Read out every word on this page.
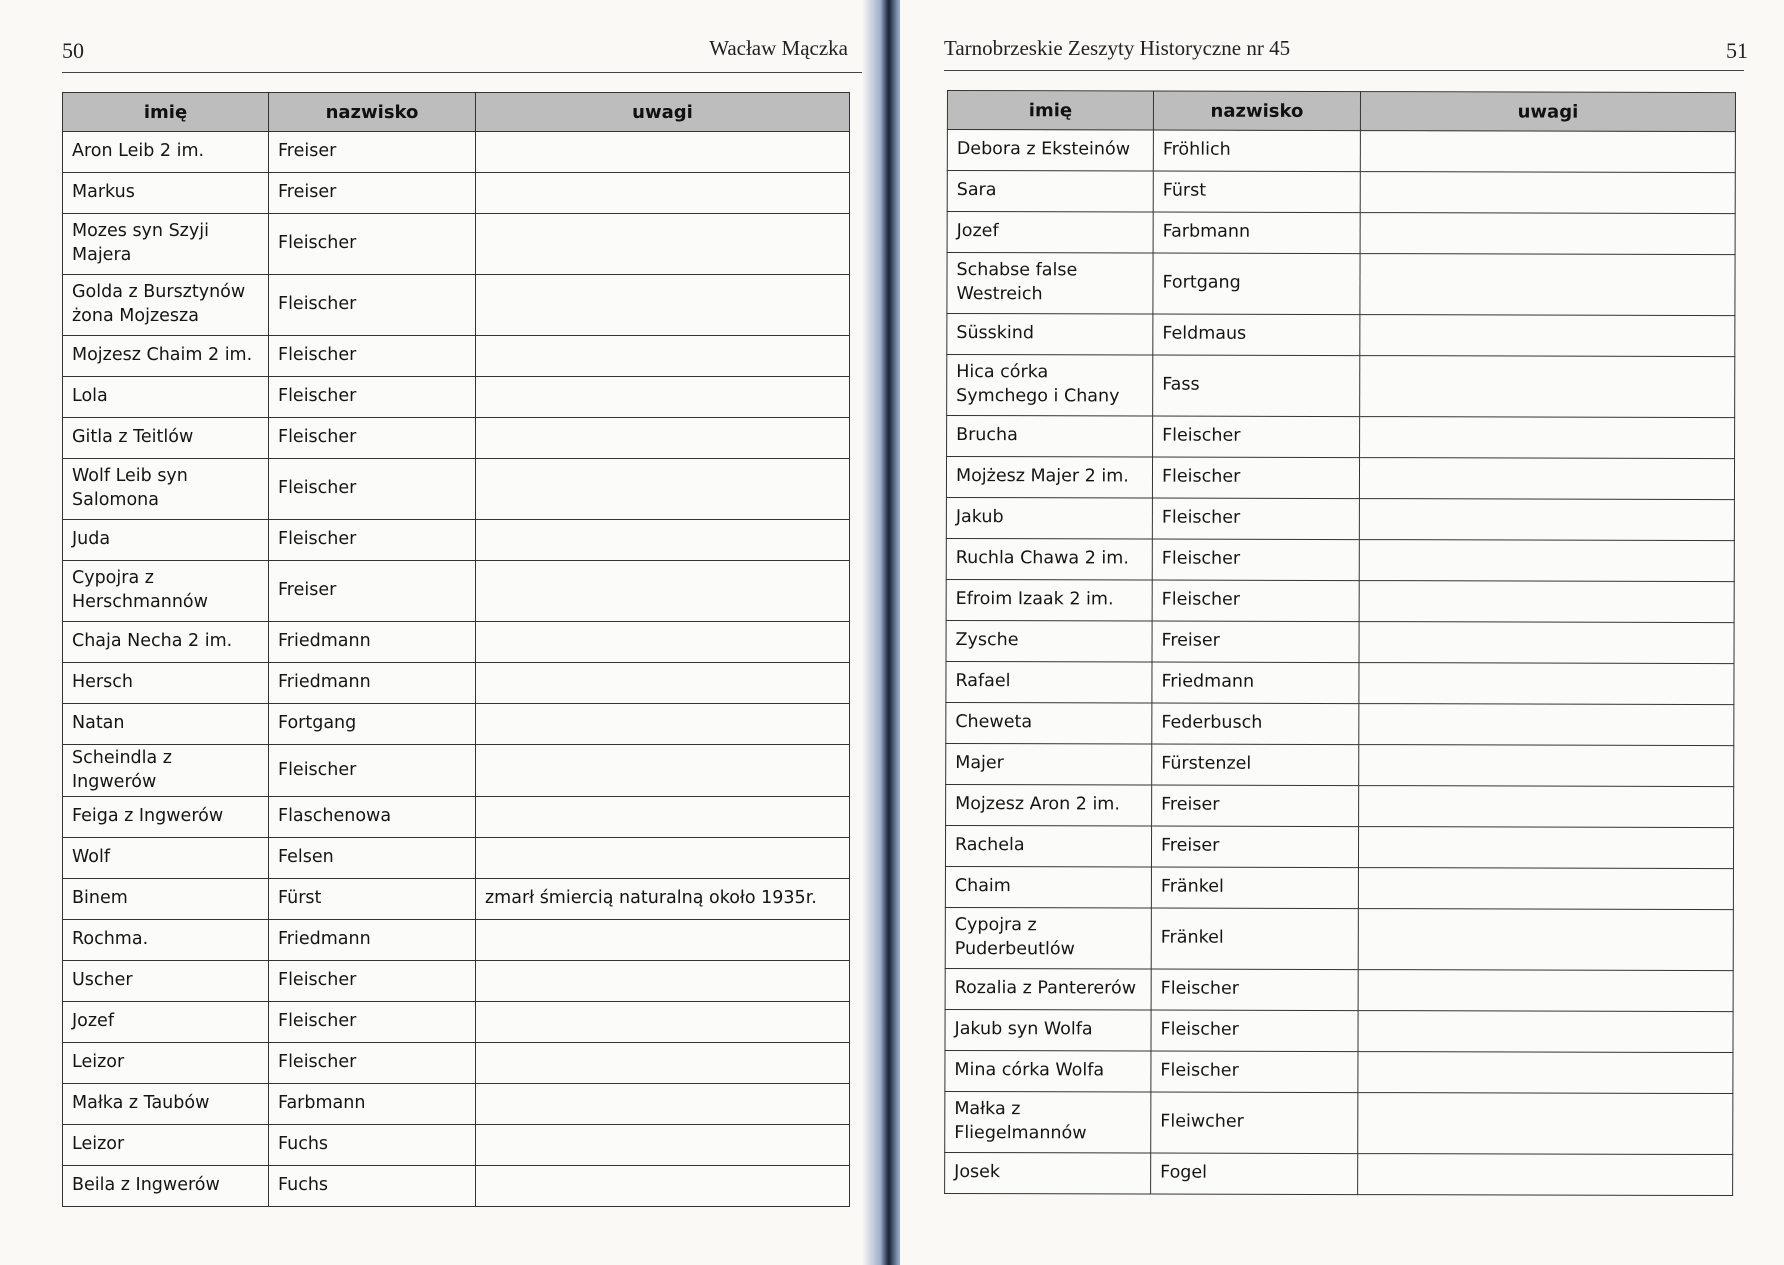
50	Wacław Mączka
imię	nazwisko	uwagi
Aron Leib 2 im.	Freiser	
Markus	Freiser	
Mozes syn Szyji Majera	Fleischer	
Golda z Bursztynów żona Mojzesza	Fleischer	
Mojzesz Chaim 2 im.	Fleischer	
Lola	Fleischer	
Gitla z Teitlów	Fleischer	
Wolf Leib syn Salomona	Fleischer	
Juda	Fleischer	
Cypojra z Herschmannów	Freiser	
Chaja Necha 2 im.	Friedmann	
Hersch	Friedmann	
Natan	Fortgang	
Scheindla z Ingwerów	Fleischer	
Feiga z Ingwerów	Flaschenowa	
Wolf	Felsen	
Binem	Fürst	zmarł śmiercią naturalną około 1935r.
Rochma.	Friedmann	
Uscher	Fleischer	
Jozef	Fleischer	
Leizor	Fleischer	
Małka z Taubów	Farbmann	
Leizor	Fuchs	
Beila z Ingwerów	Fuchs	
Tarnobrzeskie Zeszyty Historyczne nr 45	51
imię	nazwisko	uwagi
Debora z Eksteinów	Fröhlich	
Sara	Fürst	
Jozef	Farbmann	
Schabse false Westreich	Fortgang	
Süsskind	Feldmaus	
Hica córka Symchego i Chany	Fass	
Brucha	Fleischer	
Mojżesz Majer 2 im.	Fleischer	
Jakub	Fleischer	
Ruchla Chawa 2 im.	Fleischer	
Efroim Izaak 2 im.	Fleischer	
Zysche	Freiser	
Rafael	Friedmann	
Cheweta	Federbusch	
Majer	Fürstenzel	
Mojzesz Aron 2 im.	Freiser	
Rachela	Freiser	
Chaim	Fränkel	
Cypojra z Puderbeutlów	Fränkel	
Rozalia z Pantererów	Fleischer	
Jakub syn Wolfa	Fleischer	
Mina córka Wolfa	Fleischer	
Małka z Fliegelmannów	Fleiwcher	
Josek	Fogel	
